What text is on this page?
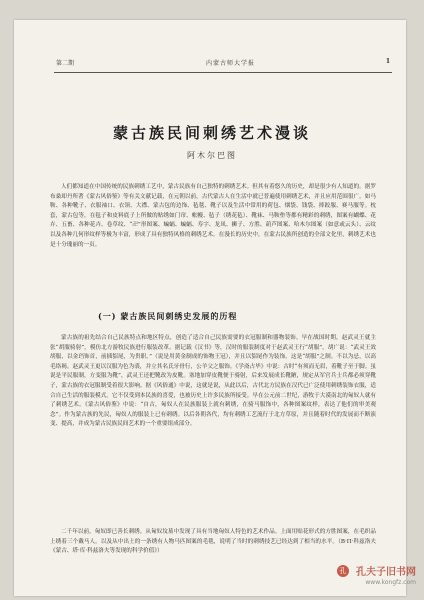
第二期	内蒙古师大学报	1
蒙古族民间刺绣艺术漫谈
阿木尔巴图
人们都知道在中国传统的民族刺绣工艺中，蒙古民族有自己独特的刺绣艺术。但其有着悠久的历史，却是很少有人知道的。据罗布桑却丹所著《蒙古风俗鉴》等有关文献记载，在元朝以前，古代蒙古人在生活中就已普遍使用刺绣艺术，并且应用范围很广。如马鞍、各种靴子、衣服袖口、衣领、大襟、蒙古包的边饰、毡毯、靴子以及生活中常用的荷包、烟袋、钱袋、摔跤服、赛马服等。枕套，蒙古包等，在毡子和皮料底子上所做的贴绣如门帘、帐幔、毡子（绣花毡）、靴袜、马鞍垫等都有精彩的刺绣，图案有蝴蝶、花卉、五畜、各种花卉、卷草纹、“卍”形图案、蝙蝠、蝙蝠、寿字、龙凤、狮子、方胜、葫芦图案、哈木尔图案（如意或云头）、云纹以及各种几何形纹样等极为丰富，形成了具有独特风格的刺绣艺术。在漫长的历史中，在蒙古民族所创造的全部文化里，刺绣艺术也是十分瑰丽的一页。
(一) 蒙古族民间刺绣史发展的历程
蒙古族的祖先结合自己民族特点和地区特点，创造了适合自己民族需要的衣冠服制和器物装饰。早在战国时期，赵武灵王就主张“胡服骑射”，模仿北方游牧民族进行服装改革。据记载《汉书》等，汉时的服装制度对于赵武灵王行“胡服”，胡广说：“武灵王效胡服，以金珰饰首，前插貂尾，为贵职。”（说是用黄金制成的饰物王冠），并且以貂尾作为装饰。这是“胡服”之制。不以为忌，以高毛络褐。赵武灵王更以汉服为色为裘，并立其名氏牙骨行，公羊父之服饰。《学斋占毕》中说：古时“有须而无眉，着靴子至于脚。虽说是平民服制，方变服为靴”，武灵王还把靴改为皮靴。塞地加穿皮靴便于骑射，后来发展成长靴陋，规定从军官兵士兵都必须穿靴子，蒙古族的衣冠服制受着很大影响。据《风俗通》中说，这就是说，从此以后，古代北方民族在汉代已广泛使用刺绣装饰衣服，适合自己生活的服装模式。它不仅受到本民族的喜爱，也被历史上许多民族所接受。早在公元前二世纪，游牧于大漠南北的匈奴人就有了刺绣艺术。《蒙古风俗鉴》中说：“自古，匈奴人在民族服装上就有刺绣，在骑马服饰中，各种图案纹样，表达了他们的审美观念”。作为蒙古族的先民，匈奴人的服装上已有刺绣。以后各朝各代，均有刺绣工艺流行于北方草原，并且随着时代的发展而不断演变、提高，并成为蒙古民族民间艺术的一个重要组成部分。
二千年以前，匈奴即已善长刺绣。从匈奴坟墓中发现了具有当地匈奴人特色的艺术作品。上面用贴花形式的方胜图案，在毛织品上绣着三个戴马人。以及从中出土的一条绣有人物马匹图案的毛毯，说明了当时的刺绣技艺已经达到了相当的水平。（B·П·科兹洛夫《蒙古、塔·库·科兹洛夫等发现的科学价值》）
孔 孔夫子旧书网
www.kongfz.com
